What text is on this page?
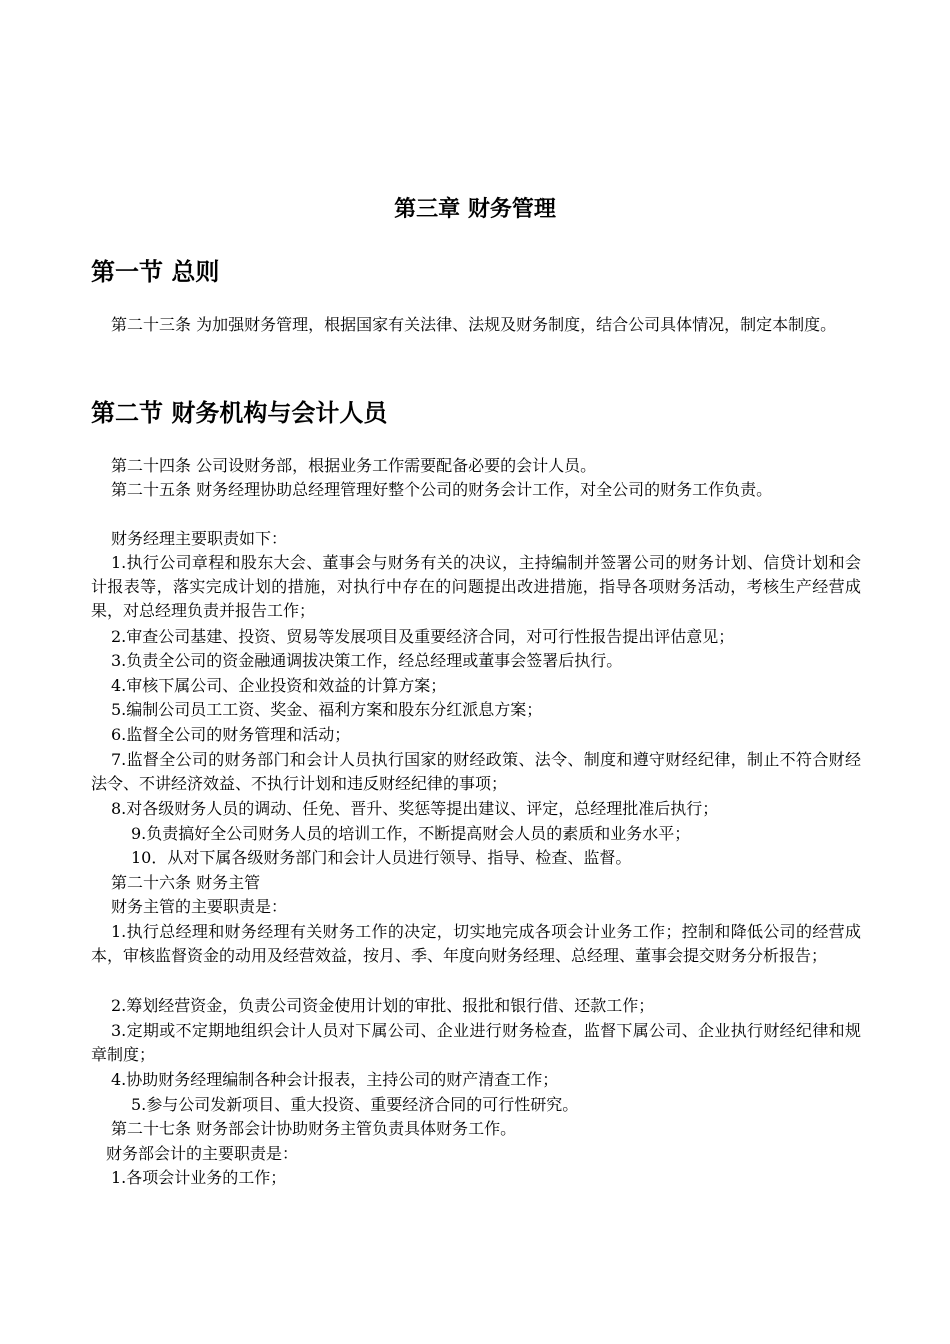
第三章 财务管理
第一节 总则

第二十三条 为加强财务管理，根据国家有关法律、法规及财务制度，结合公司具体情况，制定本制度。

第二节 财务机构与会计人员

第二十四条 公司设财务部，根据业务工作需要配备必要的会计人员。

第二十五条 财务经理协助总经理管理好整个公司的财务会计工作，对全公司的财务工作负责。

财务经理主要职责如下：

1.执行公司章程和股东大会、董事会与财务有关的决议，主持编制并签署公司的财务计划、信贷计划和会计报表等，落实完成计划的措施，对执行中存在的问题提出改进措施，指导各项财务活动，考核生产经营成果，对总经理负责并报告工作；

2.审查公司基建、投资、贸易等发展项目及重要经济合同，对可行性报告提出评估意见；

3.负责全公司的资金融通调拔决策工作，经总经理或董事会签署后执行。

4.审核下属公司、企业投资和效益的计算方案；

5.编制公司员工工资、奖金、福利方案和股东分红派息方案；

6.监督全公司的财务管理和活动；

7.监督全公司的财务部门和会计人员执行国家的财经政策、法令、制度和遵守财经纪律，制止不符合财经法令、不讲经济效益、不执行计划和违反财经纪律的事项；

8.对各级财务人员的调动、任免、晋升、奖惩等提出建议、评定，总经理批准后执行；

9.负责搞好全公司财务人员的培训工作，不断提高财会人员的素质和业务水平；

10．从对下属各级财务部门和会计人员进行领导、指导、检查、监督。

第二十六条 财务主管

财务主管的主要职责是：

1.执行总经理和财务经理有关财务工作的决定，切实地完成各项会计业务工作；控制和降低公司的经营成本，审核监督资金的动用及经营效益，按月、季、年度向财务经理、总经理、董事会提交财务分析报告；

2.筹划经营资金，负责公司资金使用计划的审批、报批和银行借、还款工作；

3.定期或不定期地组织会计人员对下属公司、企业进行财务检查，监督下属公司、企业执行财经纪律和规章制度；

4.协助财务经理编制各种会计报表，主持公司的财产清查工作；

5.参与公司发新项目、重大投资、重要经济合同的可行性研究。

第二十七条 财务部会计协助财务主管负责具体财务工作。

财务部会计的主要职责是：

1.各项会计业务的工作；
